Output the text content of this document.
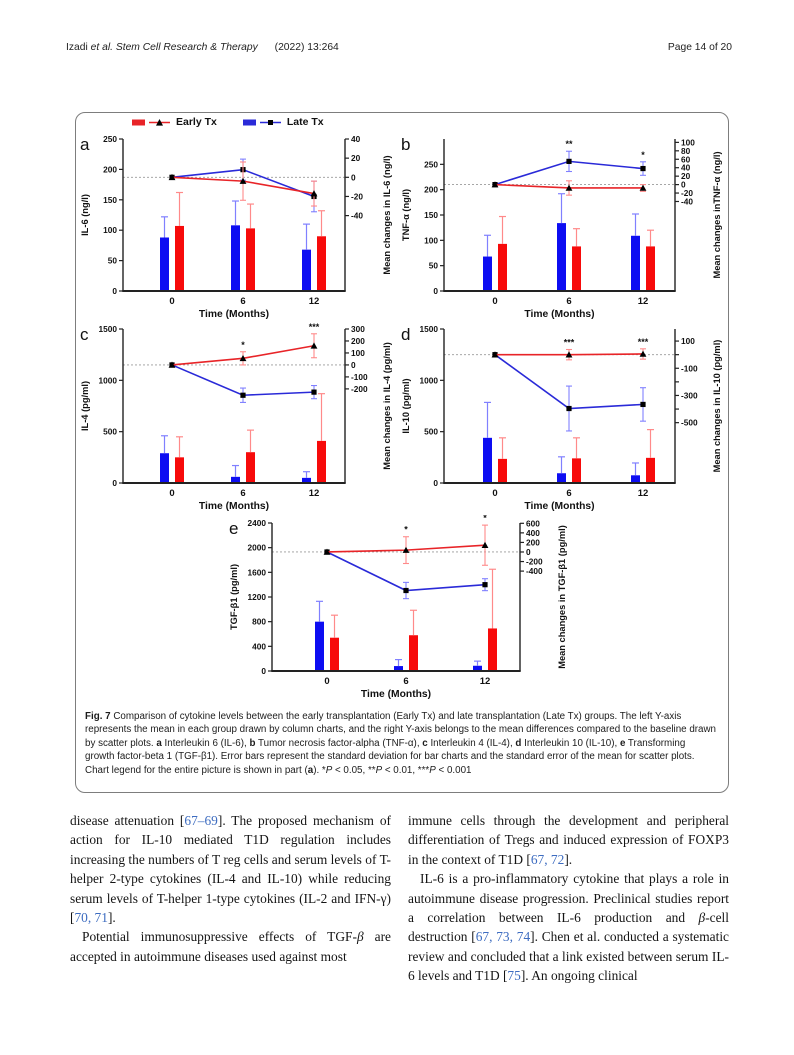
Izadi et al. Stem Cell Research & Therapy (2022) 13:264	Page 14 of 20
Early Tx	Late Tx
0
50
100
150
200
250	40
20
0
-20
-40
0	6	12
Time (Months)
IL-6 (ng/l)	Mean changes in IL-6 (ng/l)
a
0
50
100
150
200
250
100
80
60
40
20
0
-20
-40
0	6	12
Time (Months)
TNF-α (ng/l)	Mean changes inTNF-α (ng/l)
**
*
b
0
500
1000
1500	300
200
100
0
-100
-200
0	6	12
Time (Months)
IL-4 (pg/ml)	Mean changes in IL-4 (pg/ml)
*
***
c
0
500
1000
1500
100
-100
-300
-500
0	6	12
Time (Months)
IL-10 (pg/ml)	Mean changes in IL-10 (pg/ml)
***	***
d
0
400
800
1200
1600
2000
2400	600
400
200
0
-200
-400
0	6	12
Time (Months)
TGF-β1 (pg/ml)	Mean changes in TGF-β1 (pg/ml)
*
*
e
Fig. 7 Comparison of cytokine levels between the early transplantation (Early Tx) and late transplantation (Late Tx) groups. The left Y-axis represents the mean in each group drawn by column charts, and the right Y-axis belongs to the mean differences compared to the baseline drawn by scatter plots. a Interleukin 6 (IL-6), b Tumor necrosis factor-alpha (TNF-α), c Interleukin 4 (IL-4), d Interleukin 10 (IL-10), e Transforming growth factor-beta 1 (TGF-β1). Error bars represent the standard deviation for bar charts and the standard error of the mean for scatter plots. Chart legend for the entire picture is shown in part (a). *P < 0.05, **P < 0.01, ***P < 0.001

disease attenuation [67–69]. The proposed mechanism of action for IL-10 mediated T1D regulation includes increasing the numbers of T reg cells and serum levels of T-helper 2-type cytokines (IL-4 and IL-10) while reducing serum levels of T-helper 1-type cytokines (IL-2 and IFN-γ) [70, 71].

Potential immunosuppressive effects of TGF-β are accepted in autoimmune diseases used against most

immune cells through the development and peripheral differentiation of Tregs and induced expression of FOXP3 in the context of T1D [67, 72].

IL-6 is a pro-inflammatory cytokine that plays a role in autoimmune disease progression. Preclinical studies report a correlation between IL-6 production and β-cell destruction [67, 73, 74]. Chen et al. conducted a systematic review and concluded that a link existed between serum IL-6 levels and T1D [75]. An ongoing clinical
